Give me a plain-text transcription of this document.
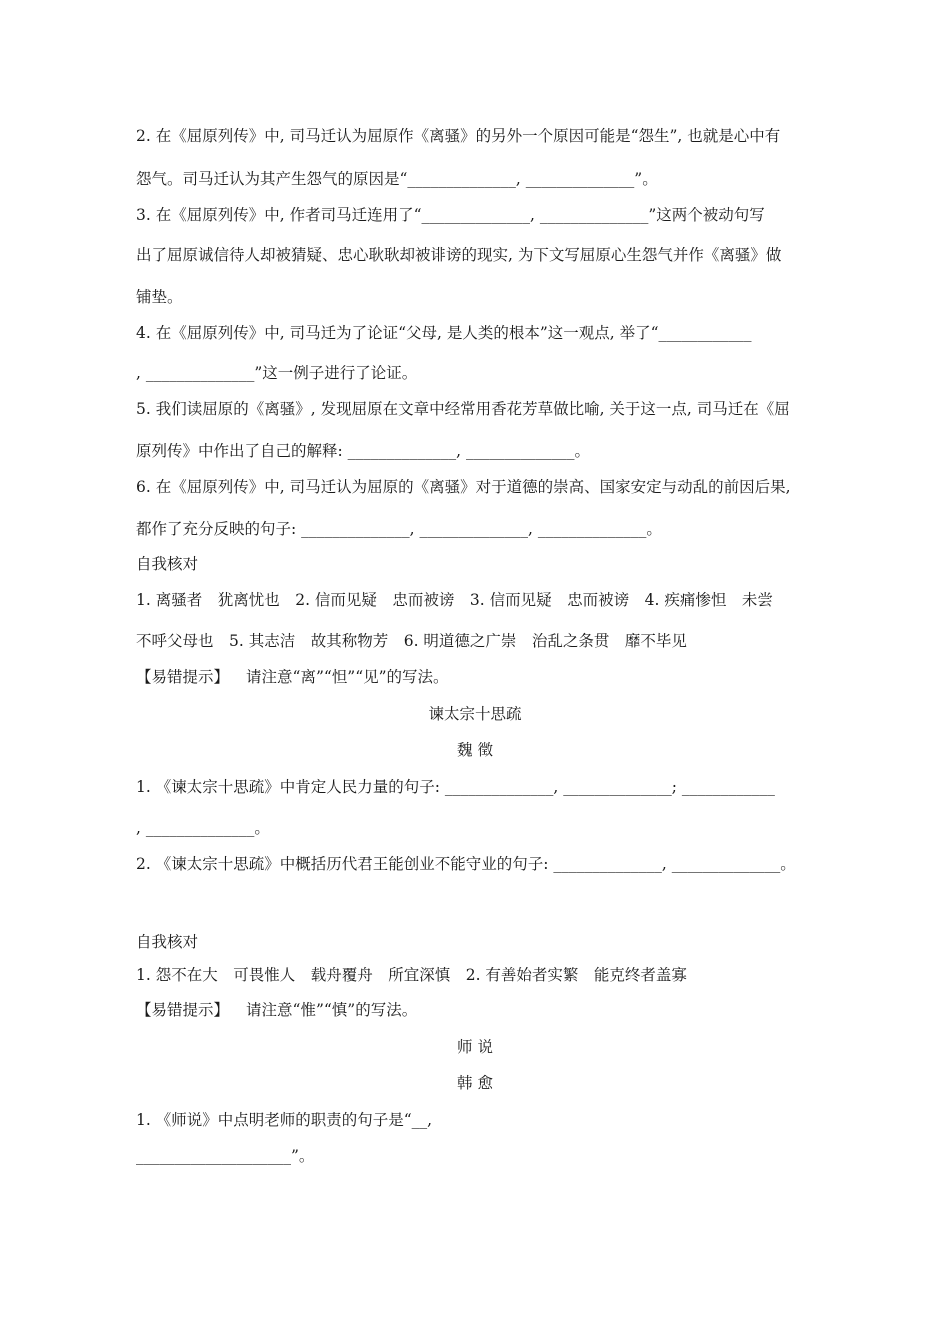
2. 在《屈原列传》中, 司马迁认为屈原作《离骚》的另外一个原因可能是“怨生”, 也就是心中有
怨气。司马迁认为其产生怨气的原因是“______________, ______________”。
3. 在《屈原列传》中, 作者司马迁连用了“______________, ______________”这两个被动句写
出了屈原诚信待人却被猜疑、忠心耿耿却被诽谤的现实, 为下文写屈原心生怨气并作《离骚》做
铺垫。
4. 在《屈原列传》中, 司马迁为了论证“父母, 是人类的根本”这一观点, 举了“____________
, ______________”这一例子进行了论证。
5. 我们读屈原的《离骚》, 发现屈原在文章中经常用香花芳草做比喻, 关于这一点, 司马迁在《屈
原列传》中作出了自己的解释: ______________, ______________。
6. 在《屈原列传》中, 司马迁认为屈原的《离骚》对于道德的崇高、国家安定与动乱的前因后果,
都作了充分反映的句子: ______________, ______________, ______________。
自我核对
1. 离骚者　犹离忧也　2. 信而见疑　忠而被谤　3. 信而见疑　忠而被谤　4. 疾痛惨怛　未尝
不呼父母也　5. 其志洁　故其称物芳　6. 明道德之广崇　治乱之条贯　靡不毕见
【易错提示】 请注意“离”“怛”“见”的写法。
谏太宗十思疏
魏 徵
1. 《谏太宗十思疏》中肯定人民力量的句子: ______________, ______________; ____________
, ______________。
2. 《谏太宗十思疏》中概括历代君王能创业不能守业的句子: ______________, ______________。
自我核对
1. 怨不在大　可畏惟人　载舟覆舟　所宜深慎　2. 有善始者实繁　能克终者盖寡
【易错提示】 请注意“惟”“慎”的写法。
师 说
韩 愈
1. 《师说》中点明老师的职责的句子是“__,
____________________”。
